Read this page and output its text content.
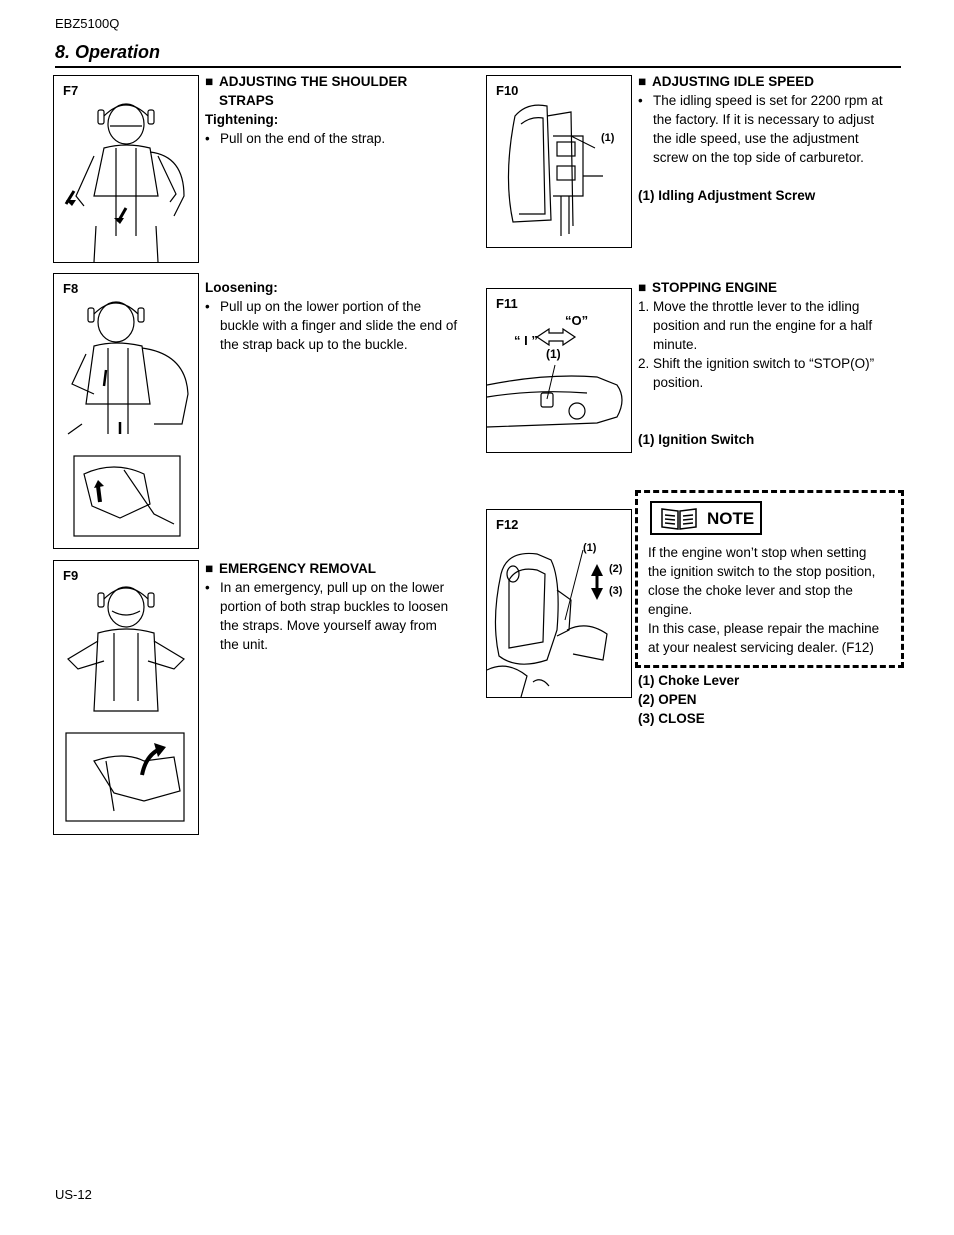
EBZ5100Q
8. Operation
F7
F8
F9
F10
(1)
F11
“O”
“ I ”
(1)
F12
(1)
(2)
(3)
■ ADJUSTING THE SHOULDER
STRAPS
Tightening:
• Pull on the end of the strap.
Loosening:
• Pull up on the lower portion of the
buckle with a finger and slide the end of
the strap back up to the buckle.
■ EMERGENCY REMOVAL
• In an emergency, pull up on the lower
portion of both strap buckles to loosen
the straps. Move yourself away from
the unit.
■ ADJUSTING IDLE SPEED
• The idling speed is set for 2200 rpm at
the factory. If it is necessary to adjust
the idle speed, use the adjustment
screw on the top side of carburetor.
(1) Idling Adjustment Screw
■ STOPPING ENGINE
1. Move the throttle lever to the idling
position and run the engine for a half
minute.
2. Shift the ignition switch to “STOP(O)”
position.
(1) Ignition Switch
NOTE
If the engine won’t stop when setting
the ignition switch to the stop position,
close the choke lever and stop the
engine.
In this case, please repair the machine
at your nealest servicing dealer. (F12)
(1) Choke Lever
(2) OPEN
(3) CLOSE
US-12
